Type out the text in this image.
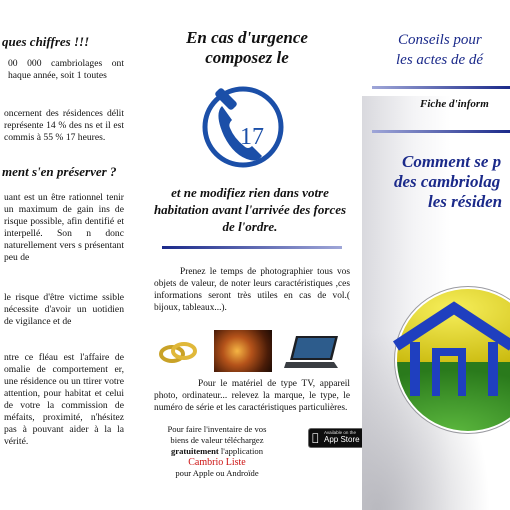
ques chiffres !!!
00 000 cambriolages ont haque année, soit 1 toutes
oncernent des résidences délit représente 14 % des ns et il est commis à 55 % 17 heures.
ment s'en préserver ?
uant est un être rationnel tenir un maximum de gain ins de risque possible, afin dentifié et interpellé. Son n donc naturellement vers s présentant peu de
le risque d'être victime ssible nécessite d'avoir un uotidien de vigilance et de
ntre ce fléau est l'affaire de omalie de comportement er, une résidence ou un ttirer votre attention, pour habitat et celui de votre la commission de méfaits, proximité, n'hésitez pas à pouvant aider à la la vérité.
En cas d'urgence
composez le
17
et ne modifiez rien dans votre habitation avant l'arrivée des forces de l'ordre.
Prenez le temps de photographier tous vos objets de valeur, de noter leurs caractéristiques ,ces informations seront très utiles en cas de vol.( bijoux, tableaux...).
Pour le matériel de type TV, appareil photo, ordinateur... relevez la marque, le type, le numéro de série et les caractéristiques particulières.
Pour faire l'inventaire de vos
biens de valeur téléchargez
gratuitement l'application
Cambrio Liste
pour Apple ou Androïde
Available on the
App Store
Conseils pour
les actes de dé
Fiche d'inform
Comment se p
des cambriolag
les résiden
